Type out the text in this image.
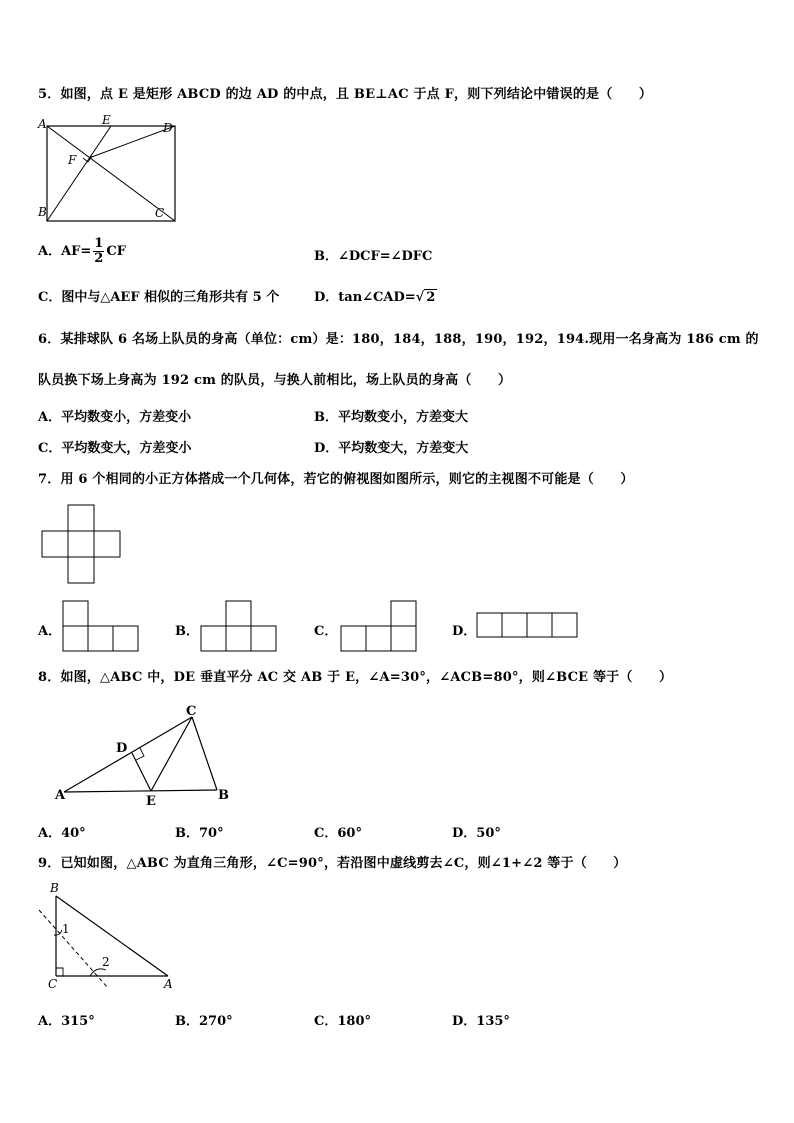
5．如图，点 E 是矩形 ABCD 的边 AD 的中点，且 BE⊥AC 于点 F，则下列结论中错误的是（　　）
A	E
D
F
B	C
A．$AF= \frac{1}{2}$ CF	B．∠DCF=∠DFC
C．图中与△AEF 相似的三角形共有 5 个	D．tan∠CAD=√ 2
6．某排球队 6 名场上队员的身高（单位：cm）是：180，184，188，190，192，194.现用一名身高为 186 cm 的
队员换下场上身高为 192 cm 的队员，与换人前相比，场上队员的身高（　　）
A．平均数变小，方差变小	B．平均数变小，方差变大
C．平均数变大，方差变小	D．平均数变大，方差变大
7．用 6 个相同的小正方体搭成一个几何体，若它的俯视图如图所示，则它的主视图不可能是（　　）
A．	B．	C．	D．
8．如图，△ABC 中，DE 垂直平分 AC 交 AB 于 E，∠A=30°，∠ACB=80°，则∠BCE 等于（　　）
C
D
A	E	B
A．40°	B．70°	C．60°	D．50°
9．已知如图，△ABC 为直角三角形，∠C=90°，若沿图中虚线剪去∠C，则∠1+∠2 等于（　　）
B
C	A
1
2
A．315°	B．270°	C．180°	D．135°
